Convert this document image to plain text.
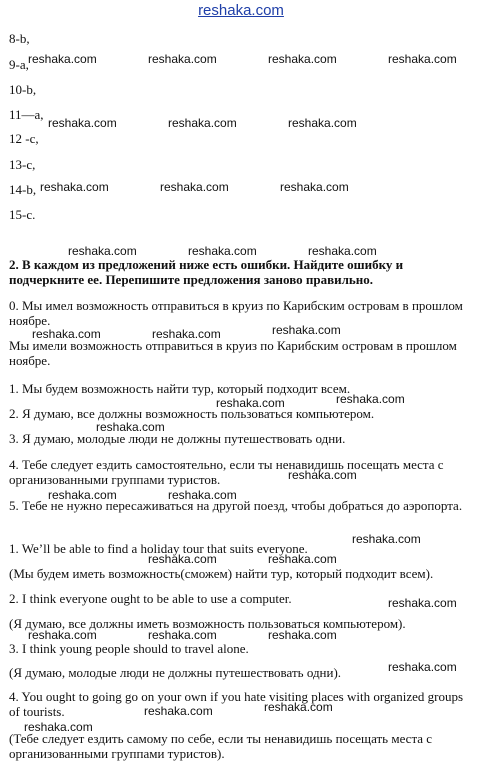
reshaka.com
8-b,
9-a,
10-b,
11—a,
12 -c,
13-c,
14-b,
15-c.
2. В каждом из предложений ниже есть ошибки. Найдите ошибку и подчеркните ее. Перепишите предложения заново правильно.
0. Мы имел возможность отправиться в круиз по Карибским островам в прошлом ноябре.
Мы имели возможность отправиться в круиз по Карибским островам в прошлом ноябре.
1. Мы будем возможность найти тур, который подходит всем.
2. Я думаю, все должны возможность пользоваться компьютером.
3. Я думаю, молодые люди не должны путешествовать одни.
4. Тебе следует ездить самостоятельно, если ты ненавидишь посещать места с организованными группами туристов.
5. Тебе не нужно пересаживаться на другой поезд, чтобы добраться до аэропорта.
1. We’ll be able to find a holiday tour that suits everyone.
(Мы будем иметь возможность(сможем) найти тур, который подходит всем).
2. I think everyone ought to be able to use a computer.
(Я думаю, все должны иметь возможность пользоваться компьютером).
3. I think young people should to travel alone.
(Я думаю, молодые люди не должны путешествовать одни).
4. You ought to going go on your own if you hate visiting places with organized groups of tourists.
(Тебе следует ездить самому по себе, если ты ненавидишь посещать места с организованными группами туристов).
reshaka.com	reshaka.com	reshaka.com	reshaka.com
reshaka.com	reshaka.com	reshaka.com
reshaka.com	reshaka.com	reshaka.com
reshaka.com	reshaka.com	reshaka.com
reshaka.com	reshaka.com	reshaka.com
reshaka.com
reshaka.com
reshaka.com
reshaka.com
reshaka.com	reshaka.com
reshaka.com
reshaka.com	reshaka.com
reshaka.com
reshaka.com	reshaka.com	reshaka.com
reshaka.com
reshaka.com	reshaka.com
reshaka.com
